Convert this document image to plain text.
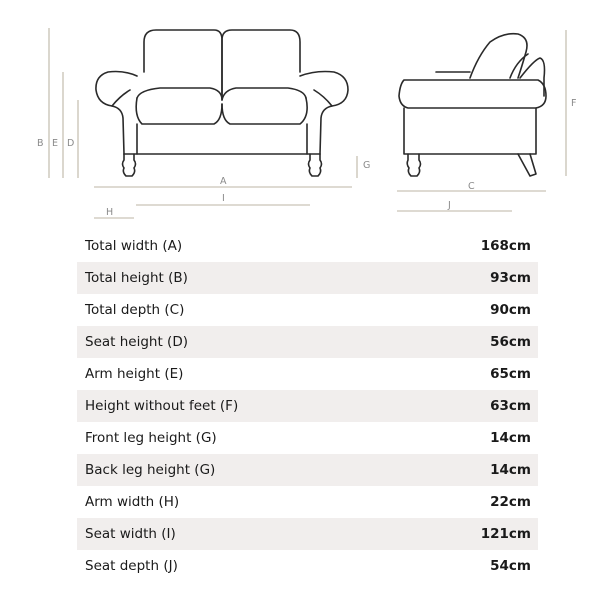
B E D
G
A
I
H
F
C
J
Total width (A)	168cm
Total height (B)	93cm
Total depth (C)	90cm
Seat height (D)	56cm
Arm height (E)	65cm
Height without feet (F)	63cm
Front leg height (G)	14cm
Back leg height (G)	14cm
Arm width (H)	22cm
Seat width (I)	121cm
Seat depth (J)	54cm
